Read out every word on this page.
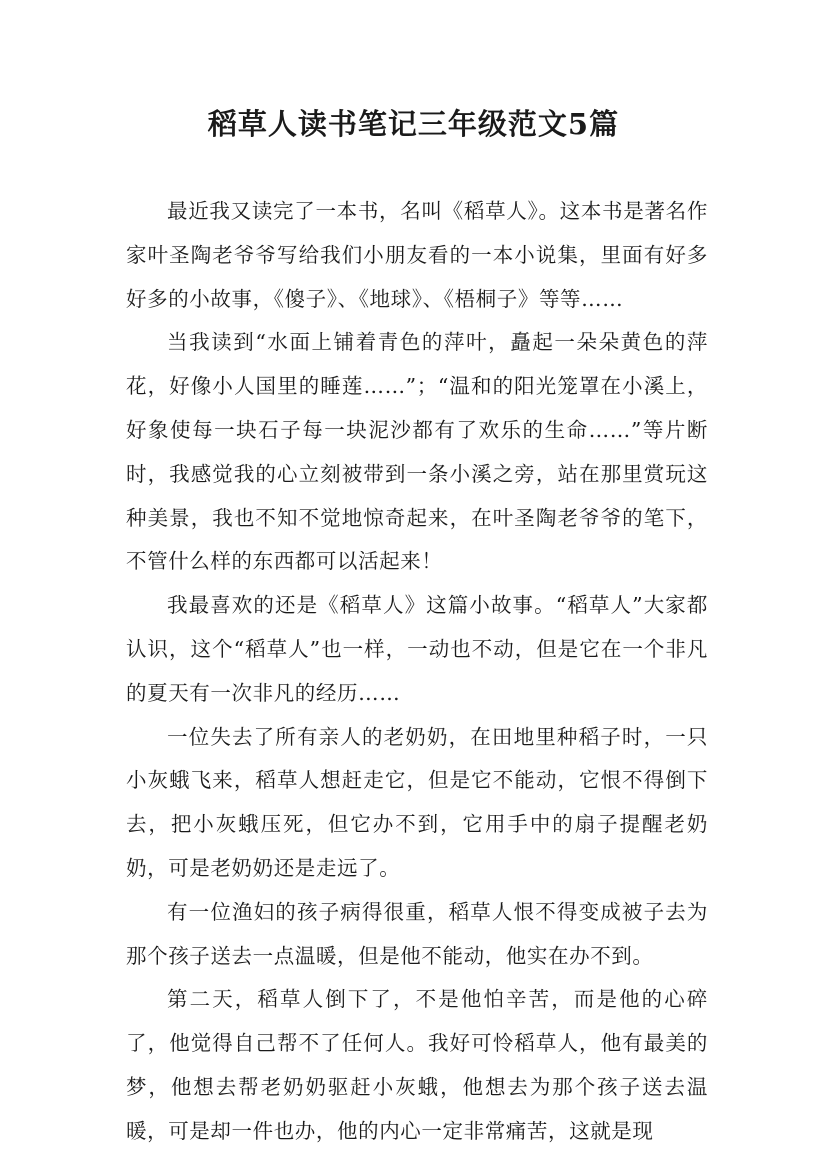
稻草人读书笔记三年级范文5篇

最近我又读完了一本书，名叫《稻草人》。这本书是著名作家叶圣陶老爷爷写给我们小朋友看的一本小说集，里面有好多好多的小故事，《傻子》、《地球》、《梧桐子》等等……

当我读到“水面上铺着青色的萍叶，矗起一朵朵黄色的萍花，好像小人国里的睡莲……”；“温和的阳光笼罩在小溪上，好象使每一块石子每一块泥沙都有了欢乐的生命……”等片断时，我感觉我的心立刻被带到一条小溪之旁，站在那里赏玩这种美景，我也不知不觉地惊奇起来，在叶圣陶老爷爷的笔下，不管什么样的东西都可以活起来！

我最喜欢的还是《稻草人》这篇小故事。“稻草人”大家都认识，这个“稻草人”也一样，一动也不动，但是它在一个非凡的夏天有一次非凡的经历……

一位失去了所有亲人的老奶奶，在田地里种稻子时，一只小灰蛾飞来，稻草人想赶走它，但是它不能动，它恨不得倒下去，把小灰蛾压死，但它办不到，它用手中的扇子提醒老奶奶，可是老奶奶还是走远了。

有一位渔妇的孩子病得很重，稻草人恨不得变成被子去为那个孩子送去一点温暖，但是他不能动，他实在办不到。

第二天，稻草人倒下了，不是他怕辛苦，而是他的心碎了，他觉得自己帮不了任何人。我好可怜稻草人，他有最美的梦，他想去帮老奶奶驱赶小灰蛾，他想去为那个孩子送去温暖，可是却一件也办，他的内心一定非常痛苦，这就是现
